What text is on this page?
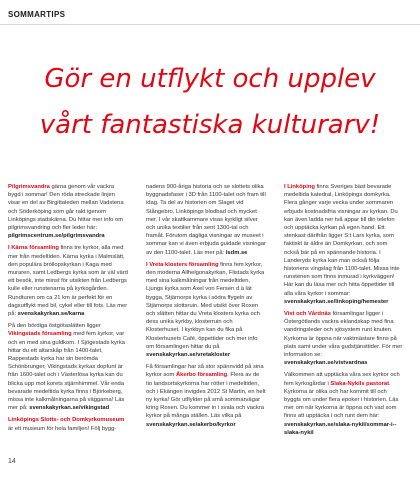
SOMMARTIPS
Gör en utflykt och upplev
vårt fantastiska kulturarv!

Pilgrimsvandra gärna genom vår vackra bygd i sommar! Den röda streckade linjen visar en del av Birgittaleden mellan Vadstena och Söderköping som går rakt igenom Linköpings stadskärna. Du hittar mer info om pilgrimsvandring och fler leder här: pilgrimscentrum.se/pilgrimsvandra

I Kärna församling finns tre kyrkor, alla med mer från medeltiden. Kärna kyrka i Malmslätt, den populära bröllopskyrkan i Kaga med muraren, samt Ledbergs kyrka som är väl värd ett besök, inte minst för utsikten från Ledbergs kulle eller runstenarna på kyrkogården. Rundturen om ca 21 km är perfekt för en dagsutflykt med bil, cykel eller till fots. Läs mer på: svenskakyrkan.se/karna

På den bördiga östgötaslätten ligger Vikingstads församling med fem kyrkor, var och en med sina guldkorn. I Sjögestads kyrka hittar du ett altarskåp från 1400-talet, Rappestads kyrka har sin berömda Schönbrunger, Vikingstads kyrkas dopfunt är från 1600-talet och i Västerlösa kyrka kan du blicka upp mot korets stjärnhimmel. Vår enda bevarade medeltida kyrka finns i Björkeberg, missa inte kalkmålningarna på väggarna! Läs mer på: svenskakyrkan.se/vikingstad

Linköpings Slotts- och Domkyrkomuseum är ett museum för hela familjen! Följ bygg-

nadens 900-åriga historia och se slottets olika byggnadsfaser i 3D från 1100-talet och fram till idag. Ta del av historien om Slaget vid Stångebro, Linköpings blodbad och mycket mer. I vår skattkammare visas kyrkligt silver och unika textilier från sent 1300-tal och framåt. Förutom dagliga visningar av museet i sommar kan vi även erbjuda guidade visningar av den 1100-talet. Läs mer på: lsdm.se

I Vreta klosters församling finns fem kyrkor, den moderna Allhelgonakyrkan, Flistads kyrka med sina kalkmålningar från medeltiden, Ljungs kyrka som Axel von Fersen d.ä lät bygga, Stjärnorps kyrka i södra ffygeln av Stjärnorps slottsruin. Med utsikt över Roxen och slätten hittar du Vreta klosters kyrka och dess unika kyrkby, klosterruin och Klosterhuset. I kyrkbyn kan du fika på Klosterhusets Café, öppettider och mer info om församlingen hittar du på svenskakyrkan.se/vretakloster

Få församlingar har så stor spännvidd på sina kyrkor som Åkerbo församling. Flera av de tio landsortskyrkorna har rötter i medeltiden, och i Ekängen invigdes 2012 St Martin, en helt ny kyrka! Gör utflykter på små sommarvägar kring Roxen. Du kommer in i svala och vackra kyrkor på många ställen. Läs vilka på svenskakyrkan.se/akerbo/kyrkor

I Linköping finns Sveriges bäst bevarade medeltida katedral, Linköpings domkyrka. Flera gånger varje vecka under sommaren erbjuds kostnadsfria visningar av kyrkan. Du kan även ladda ner två appar till din telefon och upptäcka kyrkan på egen hand. Ett stenkast därifrån ligger S:t Lars kyrka, som faktiskt är äldre än Domkyrkan, och som också bär på en spännande historia. I Landeryds kyrka kan man också följa historiens vingslag från 1100-talet. Missa inte runstenen som finns inmurad i kyrkväggen! Här kan du läsa mer och hitta öppettider till alla våra kyrkor i sommar: svenskakyrkan.se/linkoping/hemester

Vist och Vårdnäs församlingar ligger i Östergötlands vackra eklandskap med fina vandringsleder och sjösystem runt knuten. Kyrkorna är öppna när vaktmästare finns på plats samt under våra gudstjänsttider. För mer information se: svenskakyrkan.se/vistvardnas

Välkommen att upptäcka våra sex kyrkor och fem kyrkogårdar i Slaka-Nykils pastorat. Kyrkorna är olika och har kommit till och byggts om under flera epoker i historien. Läs mer om när kyrkorna är öppna och vad som finns att upptäcka i och runt dem här: svenskakyrkan.se/slaka-nykil/sommar-i--slaka-nykil

14
